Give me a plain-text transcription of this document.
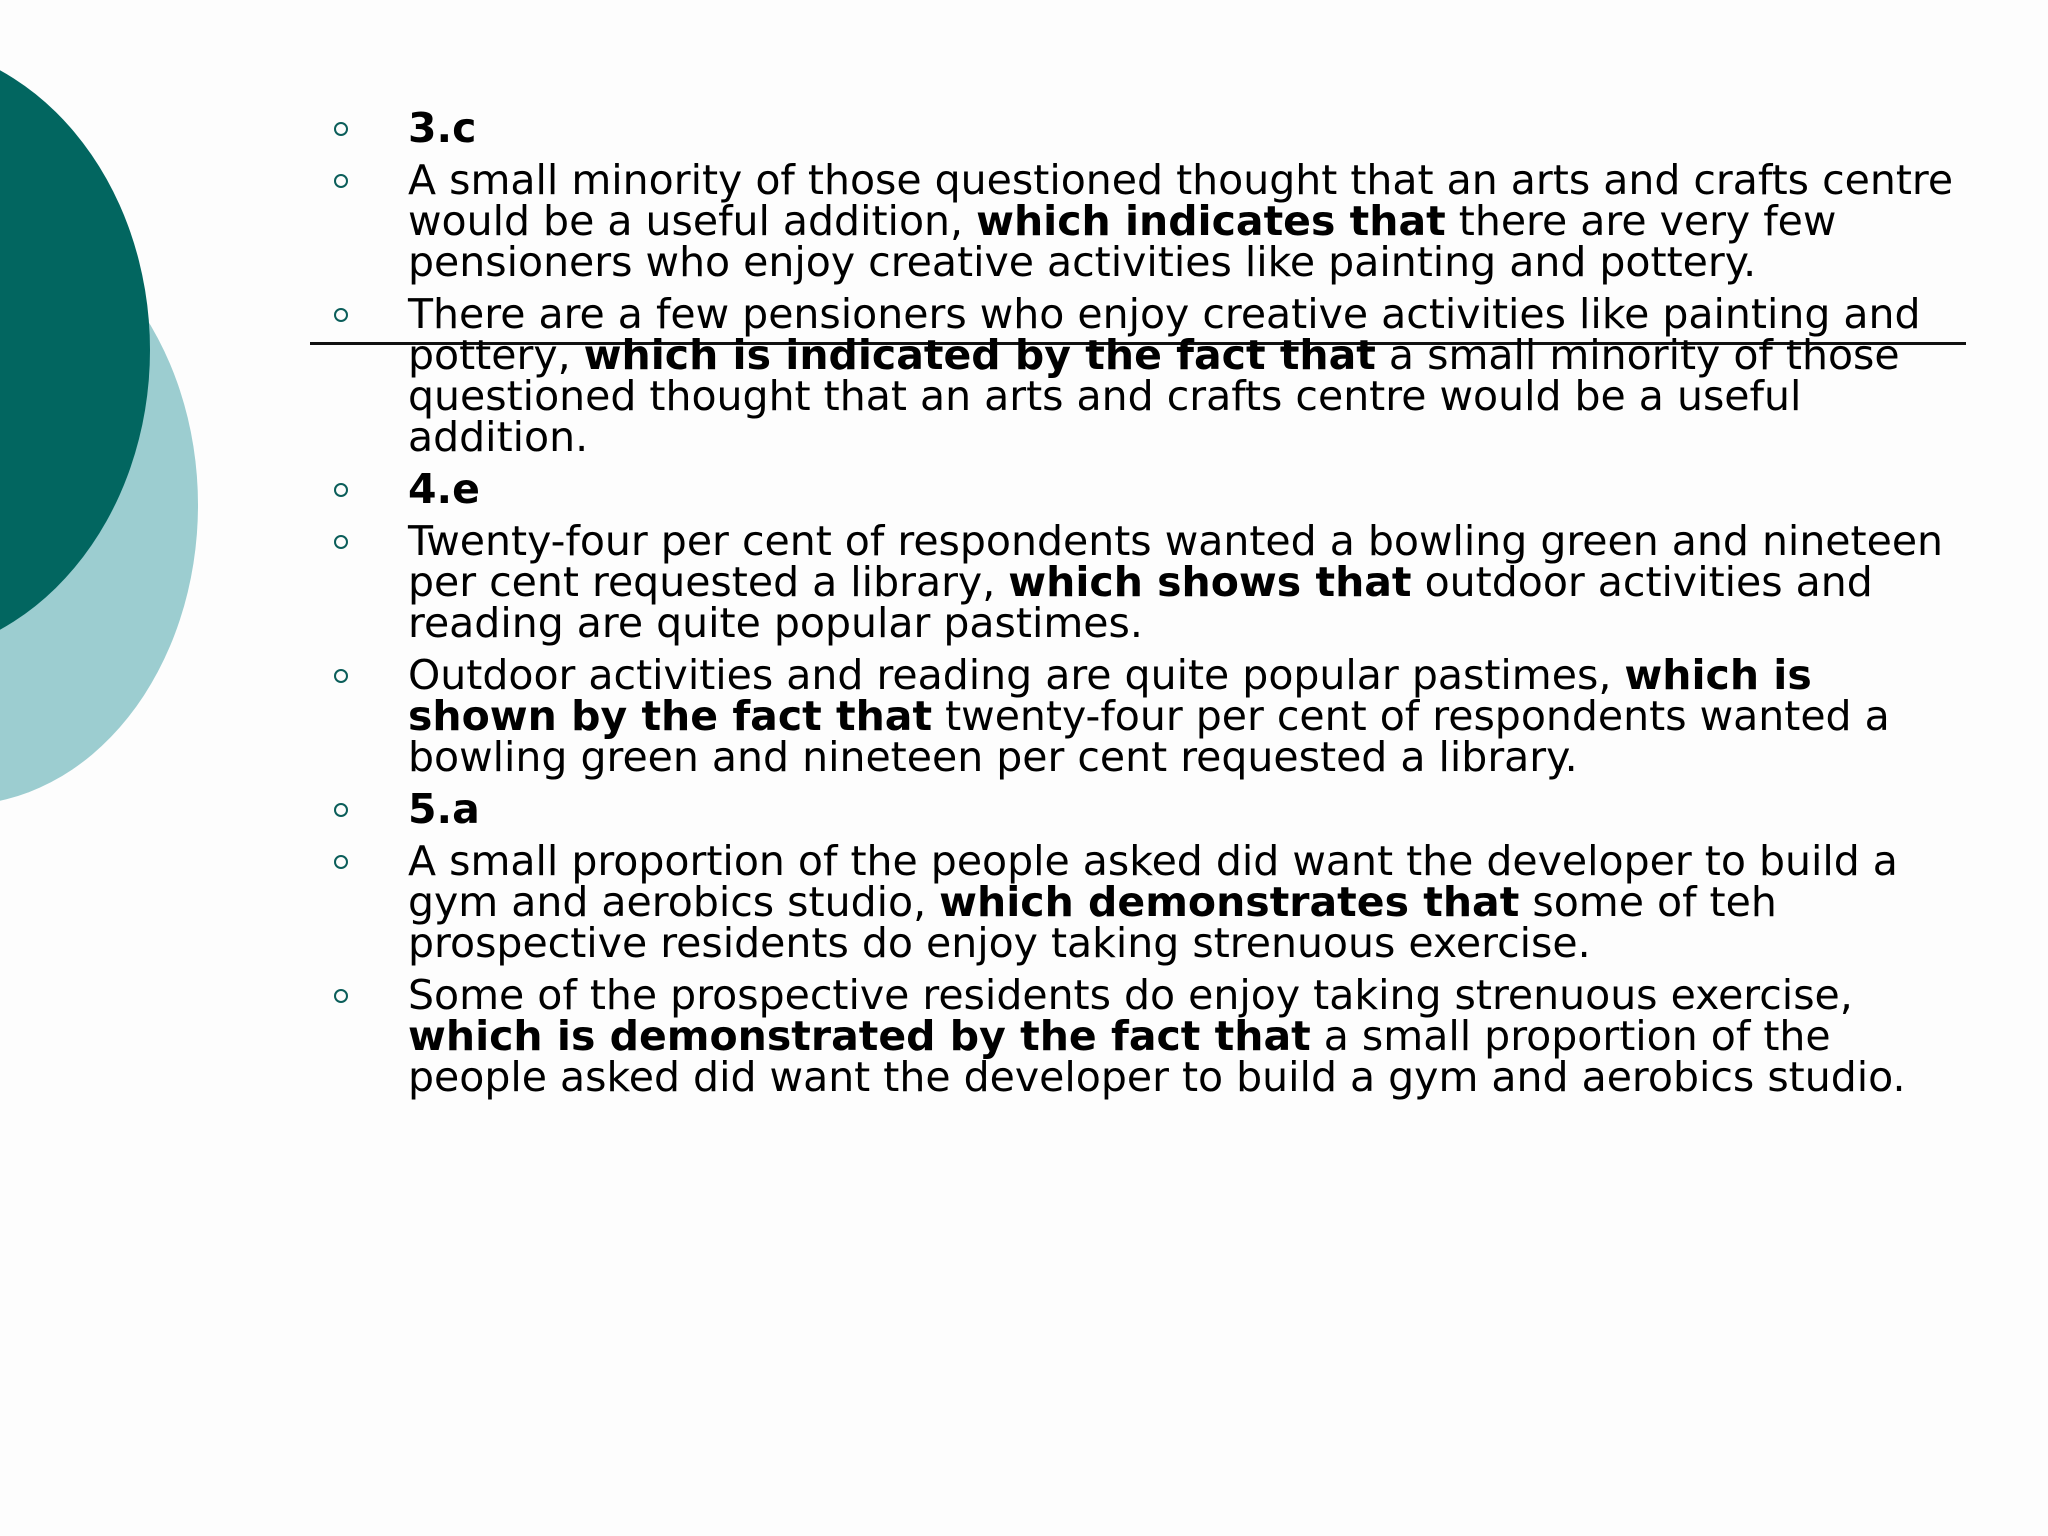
3.c
A small minority of those questioned thought that an arts and crafts centre would be a useful addition, which indicates that there are very few pensioners who enjoy creative activities like painting and pottery.
There are a few pensioners who enjoy creative activities like painting and pottery, which is indicated by the fact that a small minority of those questioned thought that an arts and crafts centre would be a useful addition.
4.e
Twenty-four per cent of respondents wanted a bowling green and nineteen per cent requested a library, which shows that outdoor activities and reading are quite popular pastimes.
Outdoor activities and reading are quite popular pastimes, which is shown by the fact that twenty-four per cent of respondents wanted a bowling green and nineteen per cent requested a library.
5.a
A small proportion of the people asked did want the developer to build a gym and aerobics studio, which demonstrates that some of teh prospective residents do enjoy taking strenuous exercise.
Some of the prospective residents do enjoy taking strenuous exercise, which is demonstrated by the fact that a small proportion of the people asked did want the developer to build a gym and aerobics studio.
